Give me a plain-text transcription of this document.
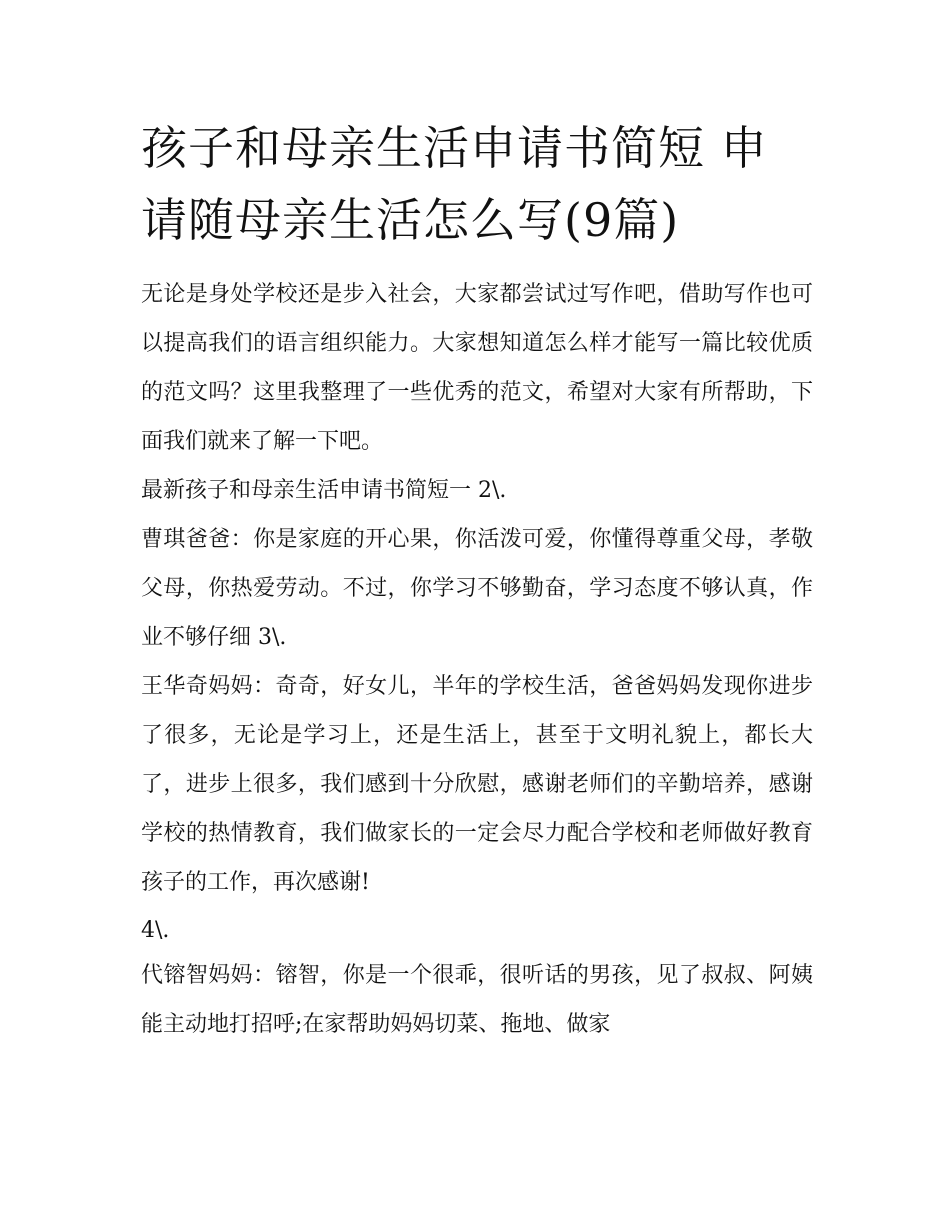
孩子和母亲生活申请书简短 申请随母亲生活怎么写(9篇)

无论是身处学校还是步入社会，大家都尝试过写作吧，借助写作也可以提高我们的语言组织能力。大家想知道怎么样才能写一篇比较优质的范文吗？这里我整理了一些优秀的范文，希望对大家有所帮助，下面我们就来了解一下吧。

最新孩子和母亲生活申请书简短一 2\.

曹琪爸爸：你是家庭的开心果，你活泼可爱，你懂得尊重父母，孝敬父母，你热爱劳动。不过，你学习不够勤奋，学习态度不够认真，作业不够仔细 3\.

王华奇妈妈：奇奇，好女儿，半年的学校生活，爸爸妈妈发现你进步了很多，无论是学习上，还是生活上，甚至于文明礼貌上，都长大了，进步上很多，我们感到十分欣慰，感谢老师们的辛勤培养，感谢学校的热情教育，我们做家长的一定会尽力配合学校和老师做好教育孩子的工作，再次感谢!

4\.

代镕智妈妈：镕智，你是一个很乖，很听话的男孩，见了叔叔、阿姨能主动地打招呼;在家帮助妈妈切菜、拖地、做家
